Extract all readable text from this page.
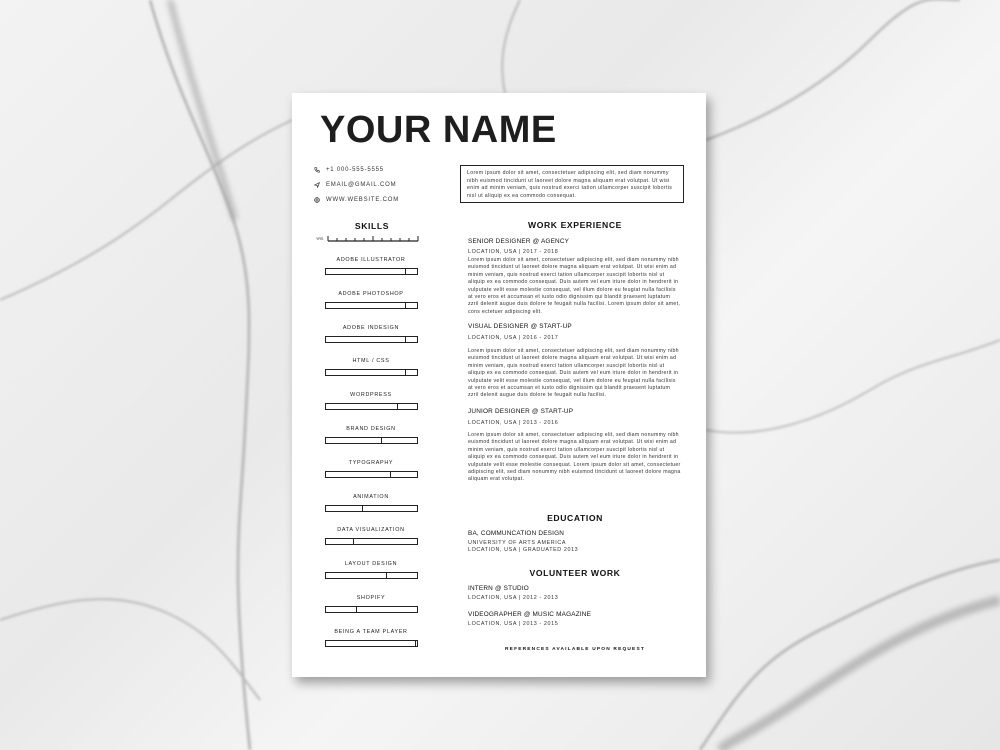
YOUR NAME
+1 000-555-5555
EMAIL@GMAIL.COM
WWW.WEBSITE.COM
Lorem ipsum dolor sit amet, consectetuer adipiscing elit, sed diam nonummy nibh euismod tincidunt ut laoreet dolore magna aliquam erat volutpat. Ut wisi enim ad minim veniam, quis nostrud exerci tation ullamcorper suscipit lobortis nisl ut aliquip ex ea commodo consequat.
SKILLS
YRS
ADOBE ILLUSTRATOR
ADOBE PHOTOSHOP
ADOBE INDESIGN
HTML / CSS
WORDPRESS
BRAND DESIGN
TYPOGRAPHY
ANIMATION
DATA VISUALIZATION
LAYOUT DESIGN
SHOPIFY
BEING A TEAM PLAYER
WORK EXPERIENCE
SENIOR DESIGNER @ AGENCY
LOCATION, USA | 2017 - 2018
Lorem ipsum dolor sit amet, consectetuer adipiscing elit, sed diam nonummy nibh euismod tincidunt ut laoreet dolore magna aliquam erat volutpat. Ut wisi enim ad minim veniam, quis nostrud exerci tation ullamcorper suscipit lobortis nisl ut aliquip ex ea commodo consequat. Duis autem vel eum iriure dolor in hendrerit in vulputate velit esse molestie consequat, vel illum dolore eu feugiat nulla facilisis at vero eros et accumsan et iusto odio dignissim qui blandit praesent luptatum zzril delenit augue duis dolore te feugait nulla facilisi. Lorem ipsum dolor sit amet, cons ectetuer adipiscing elit.
VISUAL DESIGNER @ START-UP
LOCATION, USA | 2016 - 2017
Lorem ipsum dolor sit amet, consectetuer adipiscing elit, sed diam nonummy nibh euismod tincidunt ut laoreet dolore magna aliquam erat volutpat. Ut wisi enim ad minim veniam, quis nostrud exerci tation ullamcorper suscipit lobortis nisl ut aliquip ex ea commodo consequat. Duis autem vel eum iriure dolor in hendrerit in vulputate velit esse molestie consequat, vel illum dolore eu feugiat nulla facilisis at vero eros et accumsan et iusto odio dignissim qui blandit praesent luptatum zzril delenit augue duis dolore te feugait nulla facilisi.
JUNIOR DESIGNER @ START-UP
LOCATION, USA | 2013 - 2016
Lorem ipsum dolor sit amet, consectetuer adipiscing elit, sed diam nonummy nibh euismod tincidunt ut laoreet dolore magna aliquam erat volutpat. Ut wisi enim ad minim veniam, quis nostrud exerci tation ullamcorper suscipit lobortis nisl ut aliquip ex ea commodo consequat. Duis autem vel eum iriure dolor in hendrerit in vulputate velit esse molestie consequat. Lorem ipsum dolor sit amet, consectetuer adipiscing elit, sed diam nonummy nibh euismod tincidunt ut laoreet dolore magna aliquam erat volutpat.
EDUCATION
BA, COMMUNCATION DESIGN
UNIVERSITY OF ARTS AMERICA
LOCATION, USA | GRADUATED 2013
VOLUNTEER WORK
INTERN @ STUDIO
LOCATION, USA | 2012 - 2013
VIDEOGRAPHER @ MUSIC MAGAZINE
LOCATION, USA | 2013 - 2015
REFERENCES AVAILABLE UPON REQUEST
